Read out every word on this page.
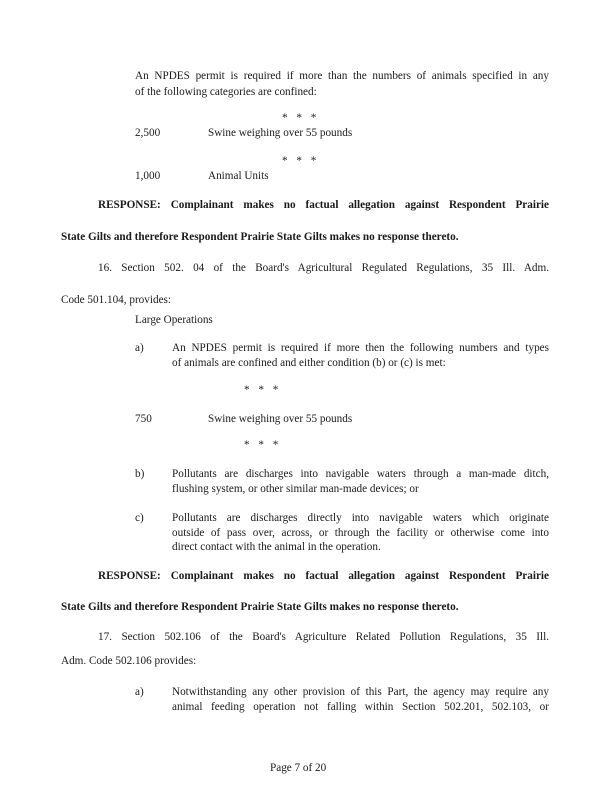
An NPDES permit is required if more than the numbers of animals specified in any
of the following categories are confined:
* * *
2,500	Swine weighing over 55 pounds
* * *
1,000	Animal Units
RESPONSE: Complainant makes no factual allegation against Respondent Prairie
State Gilts and therefore Respondent Prairie State Gilts makes no response thereto.
16. Section 502. 04 of the Board's Agricultural Regulated Regulations, 35 Ill. Adm.
Code 501.104, provides:
Large Operations
a)	An NPDES permit is required if more then the following numbers and types
of animals are confined and either condition (b) or (c) is met:
* * *
750	Swine weighing over 55 pounds
* * *
b) Pollutants are discharges into navigable waters through a man-made ditch,
flushing system, or other similar man-made devices; or
c)	Pollutants are discharges directly into navigable waters which originate
outside of pass over, across, or through the facility or otherwise come into
direct contact with the animal in the operation.
RESPONSE: Complainant makes no factual allegation against Respondent Prairie
State Gilts and therefore Respondent Prairie State Gilts makes no response thereto.
17. Section 502.106 of the Board's Agriculture Related Pollution Regulations, 35 Ill.
Adm. Code 502.106 provides:
a)	Notwithstanding any other provision of this Part, the agency may require any
animal feeding operation not falling within Section 502.201, 502.103, or
Page 7 of 20
